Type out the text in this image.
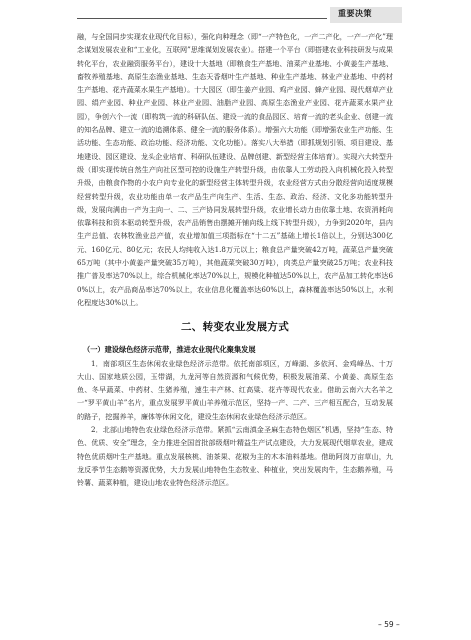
重要决策

融，与全国同步实现农业现代化目标），强化向种理念（即“一产特色化，一产二产化，一产一产化”理念谋划发展农业和“工业化，互联网”思维谋划发展农业）。搭建一个平台（即搭建农业科技研发与成果转化平台，农业融资服务平台），建设十大基地（即粮食生产基地、油菜产业基地、小黄姜生产基地、畜牧养殖基地、高原生态渔业基地、生态天香烟叶生产基地、种业生产基地、林业产业基地、中药材生产基地、花卉蔬菜水果生产基地）。十大园区（即生姜产业园、鸡产业园、蜂产业园、现代烟草产业园、绢产业园、种业产业园、林业产业园、油脂产业园、高原生态渔业产业园、花卉蔬菜水果产业园），争创六个一流（即构筑一流的科研队伍、建设一流的食品园区、培育一流的老头企业、创建一流的知名品牌、建立一流的追溯体系、健全一流的服务体系）。增强六大功能（即增强农业生产功能、生活功能、生态功能、政治功能、经济功能、文化功能）。落实八大举措（即抓规划引领、项目建设、基地建设、园区建设、龙头企业培育、科研队伍建设、品牌创建、新型经营主体培育）。实现六大转型升级（即实现传统自然生产向社区型可控的设施生产转型升级，由依靠人工劳动投入向机械化投入转型升级，由粮食作物的小农户向专业化的新型经营主体转型升级，农业经营方式由分散经营向适度规模经营转型升级，农业功能由单一农产品生产向生产、生活、生态、政治、经济、文化多功能转型升级，发展向满由一产为主向一、二、三产协同发展转型升级，农业增长动力由依靠土地、农资消耗向依靠科技和资本驱动转型升级，农产品销售由摆摊开铺向线上线下转型升级），力争到2020年，县内生产总值、农林牧渔业总产值，农业增加值三项指标在“十二五”基础上增长1倍以上，分别达300亿元、160亿元、80亿元；农民人均纯收入达1.8万元以上；粮食总产量突破42万吨，蔬菜总产量突破65万吨（其中小黄姜产量突破35万吨），其他蔬菜突破30万吨），肉类总产量突破25万吨；农业科技推广普及率达70%以上，综合机械化率达70%以上，规模化种植达50%以上，农产品加工转化率达60%以上，农产品商品率达70%以上，农业信息化覆盖率达60%以上，森林覆盖率达50%以上，水利化程度达30%以上。

二、转变农业发展方式

（一）建设绿色经济示范带，推进农业现代化聚集发展

1．南部项区生态休闲农业绿色经济示范带。依托南部项区，万峰湖、多依河、金鸡峰丛、十万大山、国家地质公园，玉带湖，九龙河等自然资源和气候优势，积极发展油菜、小黄姜、高原生态鱼、冬早蔬菜、中药材、生猪养殖，速生丰产林、红高粱、花卉等现代农业。借助云南六大名羊之一“罗平黄山羊”名片，重点发展罗平黄山羊养殖示范区，坚持一产、二产、三产相互配合，互动发展的路子，挖掘养羊，廉体等休闲文化，建设生态休闲农业绿色经济示范区。

2．北部山地特色农业绿色经济示范带。紧抓“云南滇金圣麻生态特色烟区”机遇，坚持“生态、特色、优质、安全”理念，全力推进全国首批部级烟叶精益生产试点建设，大力发展现代烟草农业，建成特色优质烟叶生产基地。重点发展核桃、油茶果、花椒为主的木本油料基地。借助阿岗万亩草山，九龙反季节生态鹅等资源优势，大力发展山地特色生态牧业、种植业，突出发展肉牛，生态鹅养殖，马铃薯、蔬菜种植，建设山地农业特色经济示范区。

– 59 –
